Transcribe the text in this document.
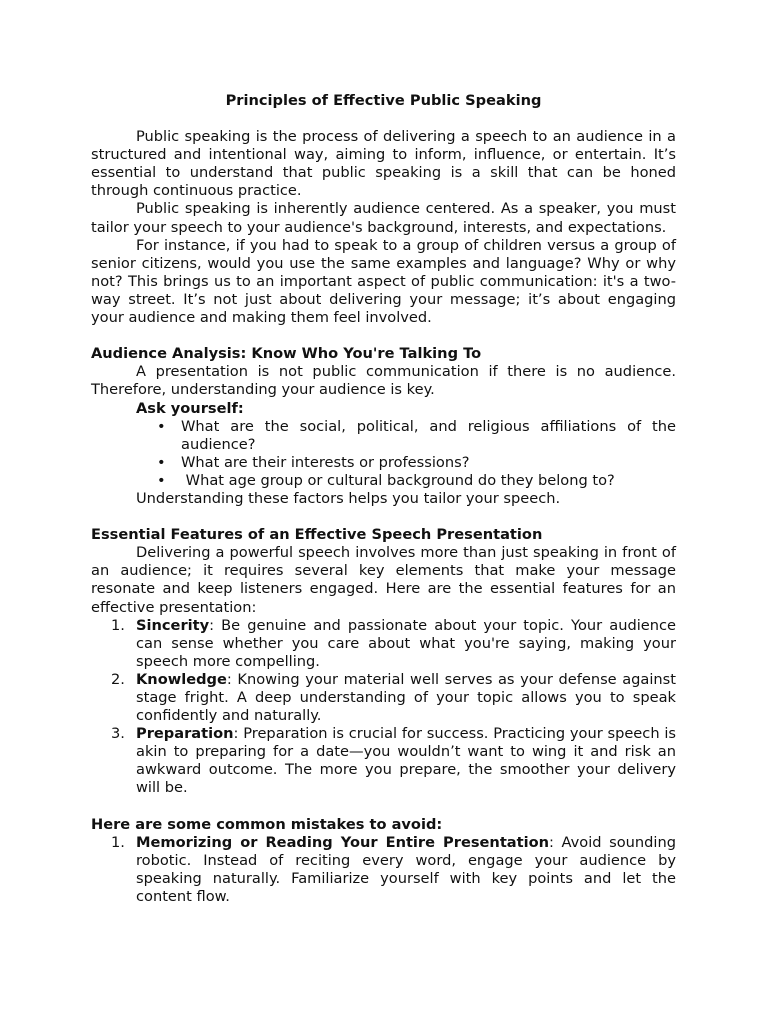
Principles of Effective Public Speaking

Public speaking is the process of delivering a speech to an audience in a structured and intentional way, aiming to inform, influence, or entertain. It’s essential to understand that public speaking is a skill that can be honed through continuous practice.

Public speaking is inherently audience centered. As a speaker, you must tailor your speech to your audience's background, interests, and expectations.

For instance, if you had to speak to a group of children versus a group of senior citizens, would you use the same examples and language? Why or why not? This brings us to an important aspect of public communication: it's a two-way street. It’s not just about delivering your message; it’s about engaging your audience and making them feel involved.

Audience Analysis: Know Who You're Talking To

A presentation is not public communication if there is no audience. Therefore, understanding your audience is key.

Ask yourself:
• What are the social, political, and religious affiliations of the audience?
• What are their interests or professions?
• What age group or cultural background do they belong to?
Understanding these factors helps you tailor your speech.
Essential Features of an Effective Speech Presentation

Delivering a powerful speech involves more than just speaking in front of an audience; it requires several key elements that make your message resonate and keep listeners engaged. Here are the essential features for an effective presentation:

1. Sincerity: Be genuine and passionate about your topic. Your audience can sense whether you care about what you're saying, making your speech more compelling.
2. Knowledge: Knowing your material well serves as your defense against stage fright. A deep understanding of your topic allows you to speak confidently and naturally.
3. Preparation: Preparation is crucial for success. Practicing your speech is akin to preparing for a date—you wouldn’t want to wing it and risk an awkward outcome. The more you prepare, the smoother your delivery will be.
Here are some common mistakes to avoid:
1. Memorizing or Reading Your Entire Presentation: Avoid sounding robotic. Instead of reciting every word, engage your audience by speaking naturally. Familiarize yourself with key points and let the content flow.
